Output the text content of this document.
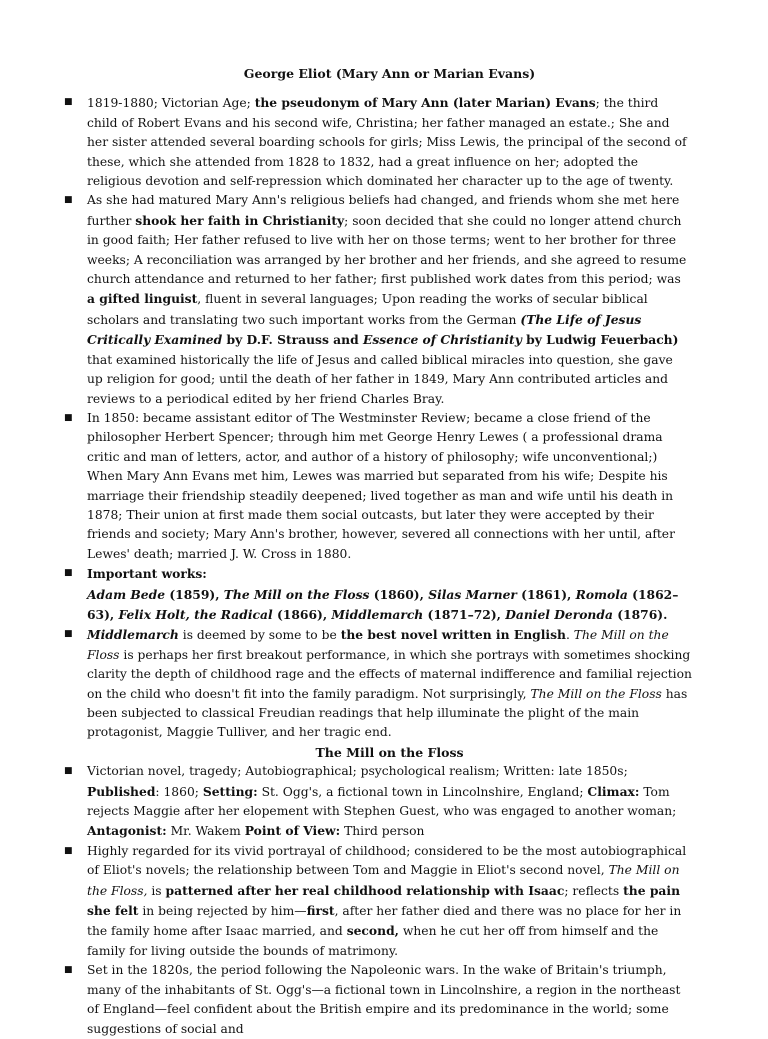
George Eliot (Mary Ann or Marian Evans)

■ 1819-1880; Victorian Age; the pseudonym of Mary Ann (later Marian) Evans; the third child of Robert Evans and his second wife, Christina; her father managed an estate.; She and her sister attended several boarding schools for girls; Miss Lewis, the principal of the second of these, which she attended from 1828 to 1832, had a great influence on her; adopted the religious devotion and self-repression which dominated her character up to the age of twenty.
■ As she had matured Mary Ann's religious beliefs had changed, and friends whom she met here further shook her faith in Christianity; soon decided that she could no longer attend church in good faith; Her father refused to live with her on those terms; went to her brother for three weeks; A reconciliation was arranged by her brother and her friends, and she agreed to resume church attendance and returned to her father; first published work dates from this period; was a gifted linguist, fluent in several languages; Upon reading the works of secular biblical scholars and translating two such important works from the German (The Life of Jesus Critically Examined by D.F. Strauss and Essence of Christianity by Ludwig Feuerbach) that examined historically the life of Jesus and called biblical miracles into question, she gave up religion for good; until the death of her father in 1849, Mary Ann contributed articles and reviews to a periodical edited by her friend Charles Bray.
■ In 1850: became assistant editor of The Westminster Review; became a close friend of the philosopher Herbert Spencer; through him met George Henry Lewes ( a professional drama critic and man of letters, actor, and author of a history of philosophy; wife unconventional;) When Mary Ann Evans met him, Lewes was married but separated from his wife; Despite his marriage their friendship steadily deepened; lived together as man and wife until his death in 1878; Their union at first made them social outcasts, but later they were accepted by their friends and society; Mary Ann's brother, however, severed all connections with her until, after Lewes' death; married J. W. Cross in 1880.
■ Important works:
Adam Bede (1859), The Mill on the Floss (1860), Silas Marner (1861), Romola (1862–63), Felix Holt, the Radical (1866), Middlemarch (1871–72), Daniel Deronda (1876).
■ Middlemarch is deemed by some to be the best novel written in English. The Mill on the Floss is perhaps her first breakout performance, in which she portrays with sometimes shocking clarity the depth of childhood rage and the effects of maternal indifference and familial rejection on the child who doesn't fit into the family paradigm. Not surprisingly, The Mill on the Floss has been subjected to classical Freudian readings that help illuminate the plight of the main protagonist, Maggie Tulliver, and her tragic end.

The Mill on the Floss

■ Victorian novel, tragedy; Autobiographical; psychological realism; Written: late 1850s; Published: 1860; Setting: St. Ogg's, a fictional town in Lincolnshire, England; Climax: Tom rejects Maggie after her elopement with Stephen Guest, who was engaged to another woman; Antagonist: Mr. Wakem Point of View: Third person
■ Highly regarded for its vivid portrayal of childhood; considered to be the most autobiographical of Eliot's novels; the relationship between Tom and Maggie in Eliot's second novel, The Mill on the Floss, is patterned after her real childhood relationship with Isaac; reflects the pain she felt in being rejected by him—first, after her father died and there was no place for her in the family home after Isaac married, and second, when he cut her off from himself and the family for living outside the bounds of matrimony.
■ Set in the 1820s, the period following the Napoleonic wars. In the wake of Britain's triumph, many of the inhabitants of St. Ogg's—a fictional town in Lincolnshire, a region in the northeast of England—feel confident about the British empire and its predominance in the world; some suggestions of social and
